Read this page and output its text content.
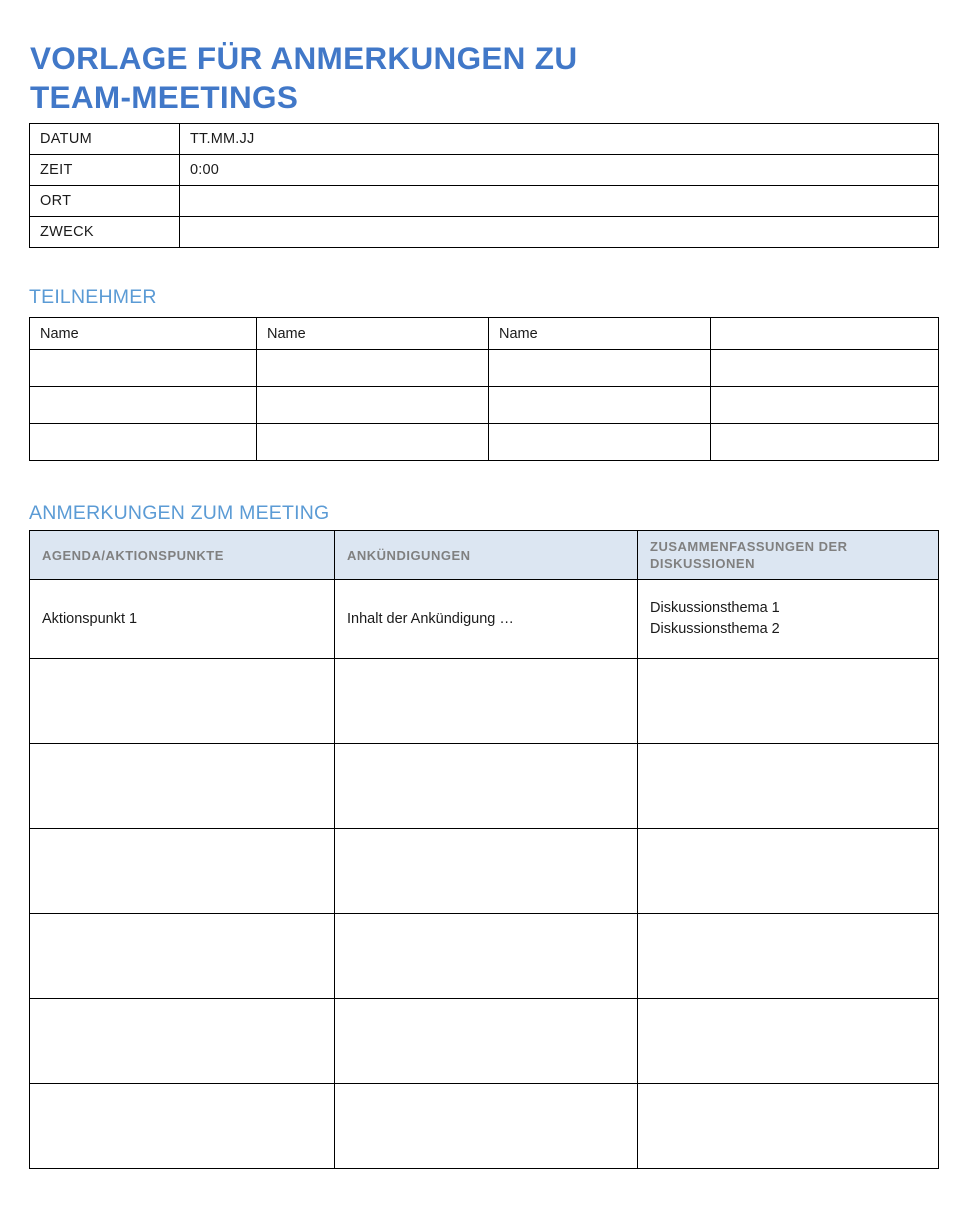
VORLAGE FÜR ANMERKUNGEN ZU
TEAM-MEETINGS
DATUM	TT.MM.JJ
ZEIT	0:00
ORT	
ZWECK	
TEILNEHMER
Name	Name	Name	

ANMERKUNGEN ZUM MEETING
AGENDA/AKTIONSPUNKTE	ANKÜNDIGUNGEN	ZUSAMMENFASSUNGEN DER DISKUSSIONEN

Aktionspunkt 1	Inhalt der Ankündigung …	Diskussionsthema 1
Diskussionsthema 2
